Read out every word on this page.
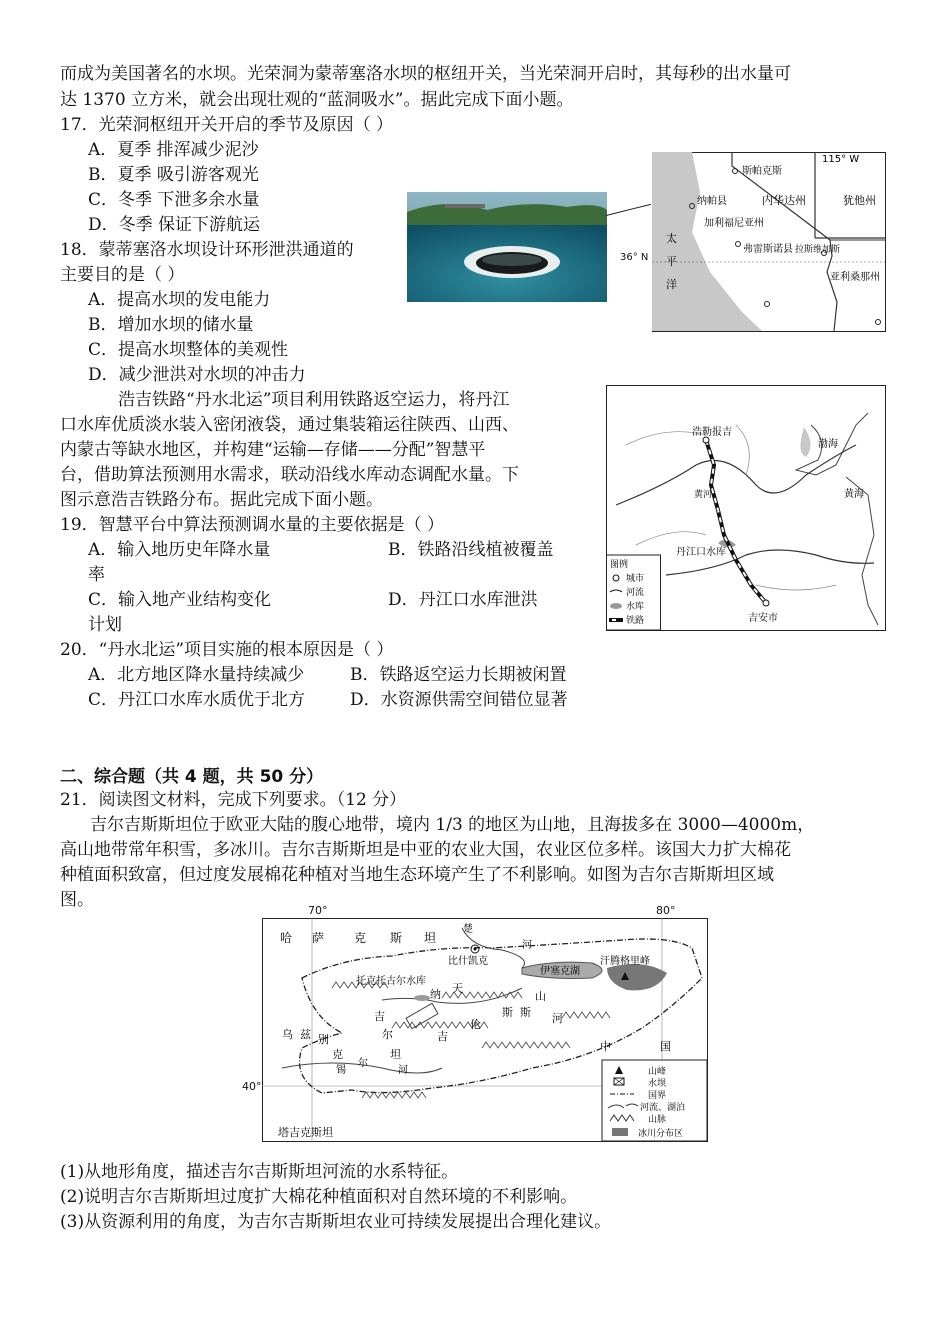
而成为美国著名的水坝。光荣洞为蒙蒂塞洛水坝的枢纽开关，当光荣洞开启时，其每秒的出水量可
达 1370 立方米，就会出现壮观的“蓝洞吸水”。据此完成下面小题。
17．光荣洞枢纽开关开启的季节及原因（ ）
A．夏季 排浑减少泥沙
B．夏季 吸引游客观光
C．冬季 下泄多余水量
D．冬季 保证下游航运
18．蒙蒂塞洛水坝设计环形泄洪通道的
主要目的是（ ）
A．提高水坝的发电能力
B．增加水坝的储水量
C．提高水坝整体的美观性
D．减少泄洪对水坝的冲击力
115° W
斯帕克斯
纳帕县
加利福尼亚州
弗雷斯诺县 拉斯维加斯
内华达州	犹他州
亚利桑那州
太
平
洋
36° N
浩吉铁路“丹水北运”项目利用铁路返空运力，将丹江
口水库优质淡水装入密闭液袋，通过集装箱运往陕西、山西、
内蒙古等缺水地区，并构建“运输—存储——分配”智慧平
台，借助算法预测用水需求，联动沿线水库动态调配水量。下
图示意浩吉铁路分布。据此完成下面小题。
浩勒报吉
渤海
黄海
黄河
丹江口水库
吉安市
图例
城市
河流
水库
铁路
19．智慧平台中算法预测调水量的主要依据是（ ）
A．输入地历史年降水量	B．铁路沿线植被覆盖
率
C．输入地产业结构变化	D．丹江口水库泄洪
计划
20．“丹水北运”项目实施的根本原因是（ ）
A．北方地区降水量持续减少	B．铁路返空运力长期被闲置
C．丹江口水库水质优于北方	D．水资源供需空间错位显著
二、综合题（共 4 题，共 50 分）
21．阅读图文材料，完成下列要求。（12 分）
吉尔吉斯斯坦位于欧亚大陆的腹心地带，境内 1/3 的地区为山地，且海拔多在 3000—4000m，
高山地带常年积雪，多冰川。吉尔吉斯斯坦是中亚的农业大国，农业区位多样。该国大力扩大棉花
种植面积致富，但过度发展棉花种植对当地生态环境产生了不利影响。如图为吉尔吉斯斯坦区域
图。
70°	80°
40°
哈 萨 克 斯 坦
楚
河
比什凯克
伊塞克湖
汗腾格里峰
托克托古尔水库
纳 天
山
斯 斯 河
吉
尔	吉
伦
坦
乌 兹 别
克
锡
尔
河
中	国
塔吉克斯坦
山峰
水坝
国界
河流、湖泊
山脉
冰川分布区
(1)从地形角度，描述吉尔吉斯斯坦河流的水系特征。
(2)说明吉尔吉斯斯坦过度扩大棉花种植面积对自然环境的不利影响。
(3)从资源利用的角度，为吉尔吉斯斯坦农业可持续发展提出合理化建议。
